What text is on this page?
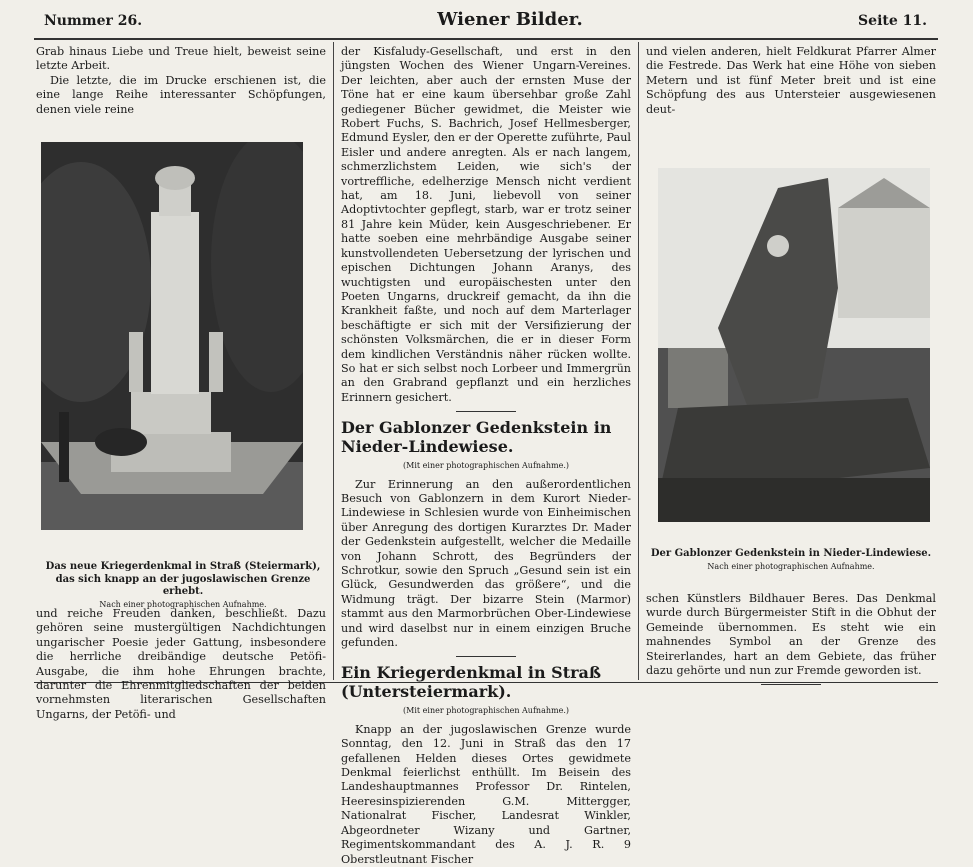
Nummer 26.	Wiener Bilder.	Seite 11.

Grab hinaus Liebe und Treue hielt, beweist seine letzte Arbeit.

Die letzte, die im Drucke erschienen ist, die eine lange Reihe interessanter Schöpfungen, denen viele reine

Das neue Kriegerdenkmal in Straß (Steiermark), das sich knapp an der jugoslawischen Grenze erhebt.
Nach einer photographischen Aufnahme.

und reiche Freuden danken, beschließt. Dazu gehören seine mustergültigen Nachdichtungen ungarischer Poesie jeder Gattung, insbesondere die herrliche dreibändige deutsche Petöfi-Ausgabe, die ihm hohe Ehrungen brachte, darunter die Ehrenmitgliedschaften der beiden vornehmsten literarischen Gesellschaften Ungarns, der Petöfi- und

der Kisfaludy-Gesellschaft, und erst in den jüngsten Wochen des Wiener Ungarn-Vereines. Der leichten, aber auch der ernsten Muse der Töne hat er eine kaum übersehbar große Zahl gediegener Bücher gewidmet, die Meister wie Robert Fuchs, S. Bachrich, Josef Hellmesberger, Edmund Eysler, den er der Operette zuführte, Paul Eisler und andere anregten. Als er nach langem, schmerzlichstem Leiden, wie sich's der vortreffliche, edelherzige Mensch nicht verdient hat, am 18. Juni, liebevoll von seiner Adoptivtochter gepflegt, starb, war er trotz seiner 81 Jahre kein Müder, kein Ausgeschriebener. Er hatte soeben eine mehrbändige Ausgabe seiner kunstvollendeten Uebersetzung der lyrischen und epischen Dichtungen Johann Aranys, des wuchtigsten und europäischesten unter den Poeten Ungarns, druckreif gemacht, da ihn die Krankheit faßte, und noch auf dem Marterlager beschäftigte er sich mit der Versifizierung der schönsten Volksmärchen, die er in dieser Form dem kindlichen Verständnis näher rücken wollte. So hat er sich selbst noch Lorbeer und Immergrün an den Grabrand gepflanzt und ein herzliches Erinnern gesichert.

Der Gablonzer Gedenkstein in Nieder-Lindewiese.
(Mit einer photographischen Aufnahme.)

Zur Erinnerung an den außerordentlichen Besuch von Gablonzern in dem Kurort Nieder-Lindewiese in Schlesien wurde von Einheimischen über Anregung des dortigen Kurarztes Dr. Mader der Gedenkstein aufgestellt, welcher die Medaille von Johann Schrott, des Begründers der Schrotkur, sowie den Spruch „Gesund sein ist ein Glück, Gesundwerden das größere“, und die Widmung trägt. Der bizarre Stein (Marmor) stammt aus den Marmorbrüchen Ober-Lindewiese und wird daselbst nur in einem einzigen Bruche gefunden.

Ein Kriegerdenkmal in Straß (Untersteiermark).
(Mit einer photographischen Aufnahme.)

Knapp an der jugoslawischen Grenze wurde Sonntag, den 12. Juni in Straß das den 17 gefallenen Helden dieses Ortes gewidmete Denkmal feierlichst enthüllt. Im Beisein des Landeshauptmannes Professor Dr. Rintelen, Heeresinspizierenden G.M. Mittergger, Nationalrat Fischer, Landesrat Winkler, Abgeordneter Wizany und Gartner, Regimentskommandant des A. J. R. 9 Oberstleutnant Fischer

und vielen anderen, hielt Feldkurat Pfarrer Almer die Festrede. Das Werk hat eine Höhe von sieben Metern und ist fünf Meter breit und ist eine Schöpfung des aus Untersteier ausgewiesenen deut-

Der Gablonzer Gedenkstein in Nieder-Lindewiese.
Nach einer photographischen Aufnahme.

schen Künstlers Bildhauer Beres. Das Denkmal wurde durch Bürgermeister Stift in die Obhut der Gemeinde übernommen. Es steht wie ein mahnendes Symbol an der Grenze des Steirerlandes, hart an dem Gebiete, das früher dazu gehörte und nun zur Fremde geworden ist.
